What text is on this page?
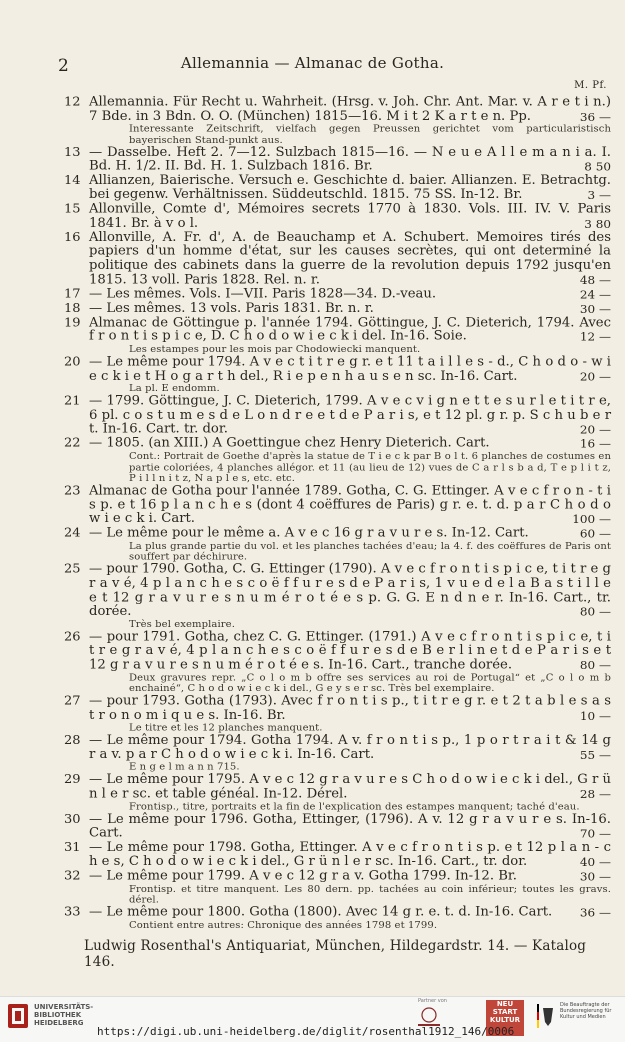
2	Allemannia — Almanac de Gotha.
M. Pf.
12 Allemannia. Für Recht u. Wahrheit. (Hrsg. v. Joh. Chr. Ant. Mar. v. A r e t i n.) 7 Bde. in 3 Bdn. O. O. (München) 1815—16. M i t 2 K a r t e n. Pp.	36 —
Interessante Zeitschrift, vielfach gegen Preussen gerichtet vom particularistisch bayerischen Stand-punkt aus.
13 — Dasselbe. Heft 2. 7—12. Sulzbach 1815—16. — N e u e A l l e m a n i a. I. Bd. H. 1/2. II. Bd. H. 1. Sulzbach 1816. Br.	8 50
14 Allianzen, Baierische. Versuch e. Geschichte d. baier. Allianzen. E. Betrachtg. bei gegenw. Verhältnissen. Süddeutschld. 1815. 75 SS. In-12. Br.	3 —
15 Allonville, Comte d', Mémoires secrets 1770 à 1830. Vols. III. IV. V. Paris 1841. Br. à v o l.	3 80
16 Allonville, A. Fr. d', A. de Beauchamp et A. Schubert. Memoires tirés des papiers d'un homme d'état, sur les causes secrètes, qui ont determiné la politique des cabinets dans la guerre de la revolution depuis 1792 jusqu'en 1815. 13 voll. Paris 1828. Rel. n. r.	48 —
17 — Les mêmes. Vols. I—VII. Paris 1828—34. D.-veau.	24 —
18 — Les mêmes. 13 vols. Paris 1831. Br. n. r.	30 —
19 Almanac de Göttingue p. l'année 1794. Göttingue, J. C. Dieterich, 1794. Avec f r o n t i s p i c e, D. C h o d o w i e c k i del. In-16. Soie.	12 —
Les estampes pour les mois par Chodowiecki manquent.
20 — Le même pour 1794. A v e c t i t r e g r. e t 11 t a i l l e s - d., C h o d o - w i e c k i e t H o g a r t h del., R i e p e n h a u s e n sc. In-16. Cart.	20 —
La pl. E endomm.
21 — 1799. Göttingue, J. C. Dieterich, 1799. A v e c v i g n e t t e s u r l e t i t r e, 6 pl. c o s t u m e s d e L o n d r e e t d e P a r i s, e t 12 pl. g r. p. S c h u b e r t. In-16. Cart. tr. dor.	20 —
22 — 1805. (an XIII.) A Goettingue chez Henry Dieterich. Cart.	16 —
Cont.: Portrait de Goethe d'après la statue de T i e c k par B o l t. 6 planches de costumes en partie coloriées, 4 planches allégor. et 11 (au lieu de 12) vues de C a r l s b a d, T e p l i t z, P i l l n i t z, N a p l e s, etc. etc.
23 Almanac de Gotha pour l'année 1789. Gotha, C. G. Ettinger. A v e c f r o n - t i s p. e t 16 p l a n c h e s (dont 4 coëffures de Paris) g r. e. t. d. p a r C h o d o w i e c k i. Cart.	100 —
24 — Le même pour le même a. A v e c 16 g r a v u r e s. In-12. Cart.	60 —
La plus grande partie du vol. et les planches tachées d'eau; la 4. f. des coëffures de Paris ont souffert par déchirure.
25 — pour 1790. Gotha, C. G. Ettinger (1790). A v e c f r o n t i s p i c e, t i t r e g r a v é, 4 p l a n c h e s c o ë f f u r e s d e P a r i s, 1 v u e d e l a B a s t i l l e e t 12 g r a v u r e s n u m é r o t é e s p. G. G. E n d n e r. In-16. Cart., tr. dorée.	80 —
Très bel exemplaire.
26 — pour 1791. Gotha, chez C. G. Ettinger. (1791.) A v e c f r o n t i s p i c e, t i t r e g r a v é, 4 p l a n c h e s c o ë f f u r e s d e B e r l i n e t d e P a r i s e t 12 g r a v u r e s n u m é r o t é e s. In-16. Cart., tranche dorée.	80 —
Deux gravures repr. „C o l o m b offre ses services au roi de Portugal“ et „C o l o m b enchainé“, C h o d o w i e c k i del., G e y s e r sc. Très bel exemplaire.
27 — pour 1793. Gotha (1793). Avec f r o n t i s p., t i t r e g r. e t 2 t a b l e s a s t r o n o m i q u e s. In-16. Br.	10 —
Le titre et les 12 planches manquent.
28 — Le même pour 1794. Gotha 1794. A v. f r o n t i s p., 1 p o r t r a i t & 14 g r a v. p a r C h o d o w i e c k i. In-16. Cart.	55 —
E n g e l m a n n 715.
29 — Le même pour 1795. A v e c 12 g r a v u r e s C h o d o w i e c k i del., G r ü n l e r sc. et table généal. In-12. Dérel.	28 —
Frontisp., titre, portraits et la fin de l'explication des estampes manquent; taché d'eau.
30 — Le même pour 1796. Gotha, Ettinger, (1796). A v. 12 g r a v u r e s. In-16. Cart.	70 —
31 — Le même pour 1798. Gotha, Ettinger. A v e c f r o n t i s p. e t 12 p l a n - c h e s, C h o d o w i e c k i del., G r ü n l e r sc. In-16. Cart., tr. dor.	40 —
32 — Le même pour 1799. A v e c 12 g r a v. Gotha 1799. In-12. Br.	30 —
Frontisp. et titre manquent. Les 80 dern. pp. tachées au coin inférieur; toutes les gravs. dérel.
33 — Le même pour 1800. Gotha (1800). Avec 14 g r. e. t. d. In-16. Cart. 36 —
Contient entre autres: Chronique des années 1798 et 1799.
Ludwig Rosenthal's Antiquariat, München, Hildegardstr. 14. — Katalog 146.
UNIVERSITÄTS-
BIBLIOTHEK
HEIDELBERG
Partner von	NEU
START
KULTUR
Die Beauftragte der Bundesregierung für Kultur und Medien
https://digi.ub.uni-heidelberg.de/diglit/rosenthal1912_146/0006
